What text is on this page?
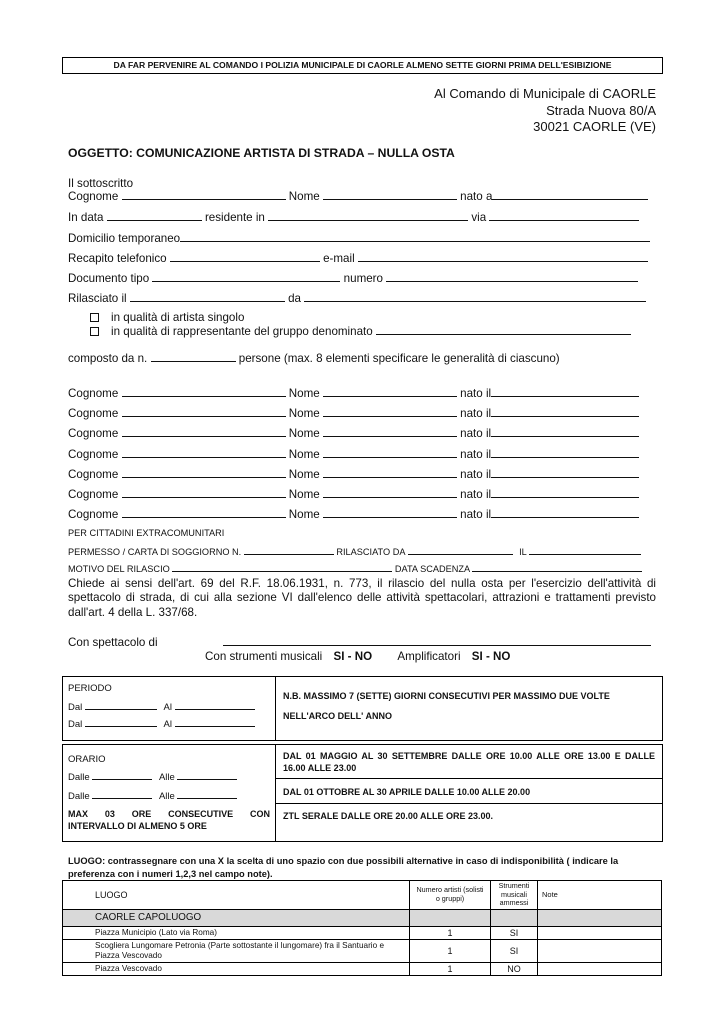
DA FAR PERVENIRE AL COMANDO I POLIZIA MUNICIPALE DI CAORLE ALMENO SETTE GIORNI PRIMA DELL'ESIBIZIONE
Al Comando di Municipale di CAORLE
Strada Nuova 80/A
30021 CAORLE (VE)
OGGETTO: COMUNICAZIONE ARTISTA DI STRADA – NULLA OSTA
Il sottoscritto
Cognome	Nome	nato a
In data	residente in	via
Domicilio temporaneo
Recapito telefonico	e-mail
Documento tipo	numero
Rilasciato il	da
in qualità di artista singolo
in qualità di rappresentante del gruppo denominato
composto da n.	persone (max. 8 elementi specificare le generalità di ciascuno)
Cognome	Nome	nato il
Cognome	Nome	nato il
Cognome	Nome	nato il
Cognome	Nome	nato il
Cognome	Nome	nato il
Cognome	Nome	nato il
Cognome	Nome	nato il
PER CITTADINI EXTRACOMUNITARI
PERMESSO / CARTA DI SOGGIORNO N.	RILASCIATO DA	IL
MOTIVO DEL RILASCIO	DATA SCADENZA
Chiede ai sensi dell'art. 69 del R.F. 18.06.1931, n. 773, il rilascio del nulla osta per l'esercizio dell'attività di spettacolo di strada, di cui alla sezione VI dall'elenco delle attività spettacolari, attrazioni e trattamenti previsto dall'art. 4 della L. 337/68.
Con spettacolo di
Con strumenti musicali SI - NO Amplificatori SI - NO
PERIODO
Dal	Al
Dal	Al
N.B. MASSIMO 7 (SETTE) GIORNI CONSECUTIVI PER MASSIMO DUE VOLTE
NELL'ARCO DELL' ANNO
ORARIO
Dalle	Alle
Dalle	Alle
MAX 03 ORE CONSECUTIVE CON INTERVALLO DI ALMENO 5 ORE
DAL 01 MAGGIO AL 30 SETTEMBRE DALLE ORE 10.00 ALLE ORE 13.00 E DALLE 16.00 ALLE 23.00
DAL 01 OTTOBRE AL 30 APRILE DALLE 10.00 ALLE 20.00
ZTL SERALE DALLE ORE 20.00 ALLE ORE 23.00.
LUOGO: contrassegnare con una X la scelta di uno spazio con due possibili alternative in caso di indisponibilità ( indicare la preferenza con i numeri 1,2,3 nel campo note).
LUOGO	Numero artisti (solisti o gruppi)	Strumenti musicali ammessi	Note
CAORLE CAPOLUOGO			
Piazza Municipio (Lato via Roma)	1	SI	
Scogliera Lungomare Petronia (Parte sottostante il lungomare) fra il Santuario e Piazza Vescovado	1	SI	
Piazza Vescovado	1	NO	
